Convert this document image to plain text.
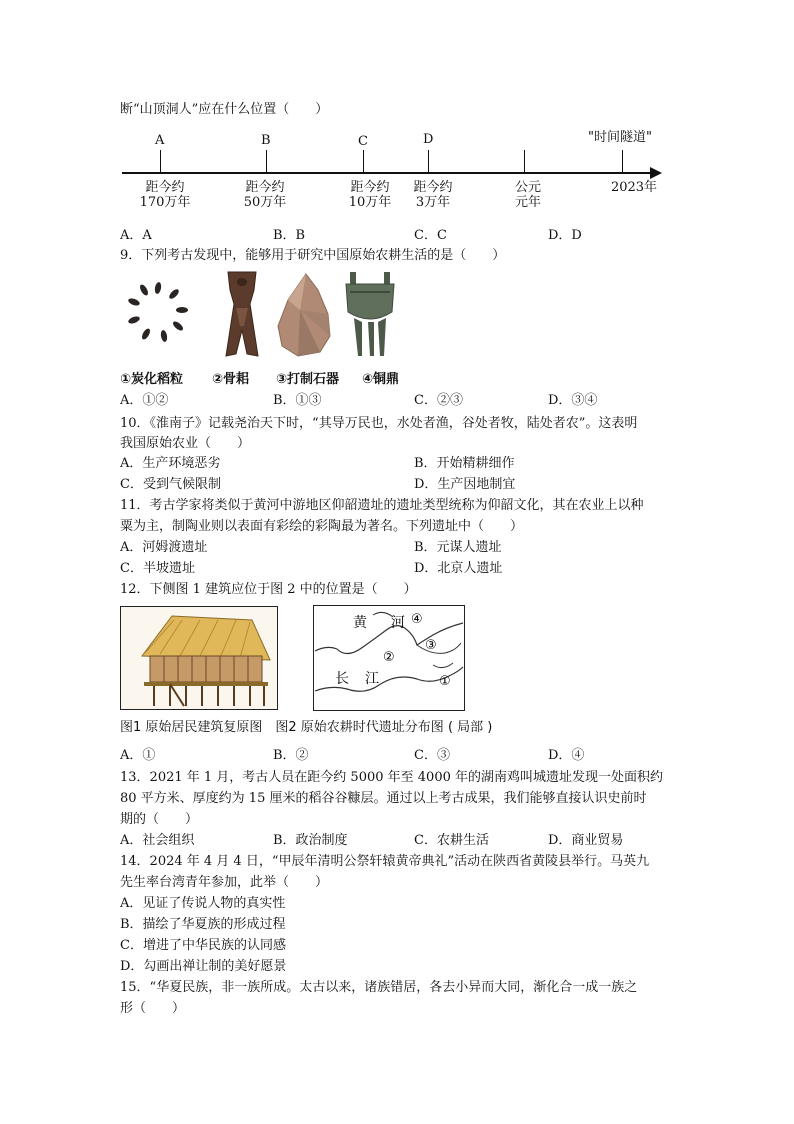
断“山顶洞人”应在什么位置（　　）
"时间隧道"
A	B	C	D
距今约
170万年
距今约
50万年
距今约
10万年
距今约
3万年
公元
元年
2023年
A．A	B．B	C．C	D．D
9．下列考古发现中，能够用于研究中国原始农耕生活的是（　　）
①炭化稻粒 ②骨耜 ③打制石器 ④铜鼎
A．①②	B．①③	C．②③	D．③④
10．《淮南子》记载尧治天下时，“其导万民也，水处者渔，谷处者牧，陆处者农”。这表明
我国原始农业（　　）
A．生产环境恶劣	B．开始精耕细作
C．受到气候限制	D．生产因地制宜
11．考古学家将类似于黄河中游地区仰韶遗址的遗址类型统称为仰韶文化，其在农业上以种
粟为主，制陶业则以表面有彩绘的彩陶最为著名。下列遗址中（　　）
A．河姆渡遗址	B．元谋人遗址
C．半坡遗址	D．北京人遗址
12．下侧图 1 建筑应位于图 2 中的位置是（　　）
黄 河 ④
③
②
①
长 江
图1 原始居民建筑复原图　图2 原始农耕时代遗址分布图 ( 局部 )
A．①	B．②	C．③	D．④
13．2021 年 1 月，考古人员在距今约 5000 年至 4000 年的湖南鸡叫城遗址发现一处面积约
80 平方米、厚度约为 15 厘米的稻谷谷糠层。通过以上考古成果，我们能够直接认识史前时
期的（　　）
A．社会组织	B．政治制度	C．农耕生活	D．商业贸易
14．2024 年 4 月 4 日，“甲辰年清明公祭轩辕黄帝典礼”活动在陕西省黄陵县举行。马英九
先生率台湾青年参加，此举（　　）
A．见证了传说人物的真实性
B．描绘了华夏族的形成过程
C．增进了中华民族的认同感
D．勾画出禅让制的美好愿景
15．“华夏民族，非一族所成。太古以来，诸族错居，各去小异而大同，渐化合一成一族之
形（　　）
